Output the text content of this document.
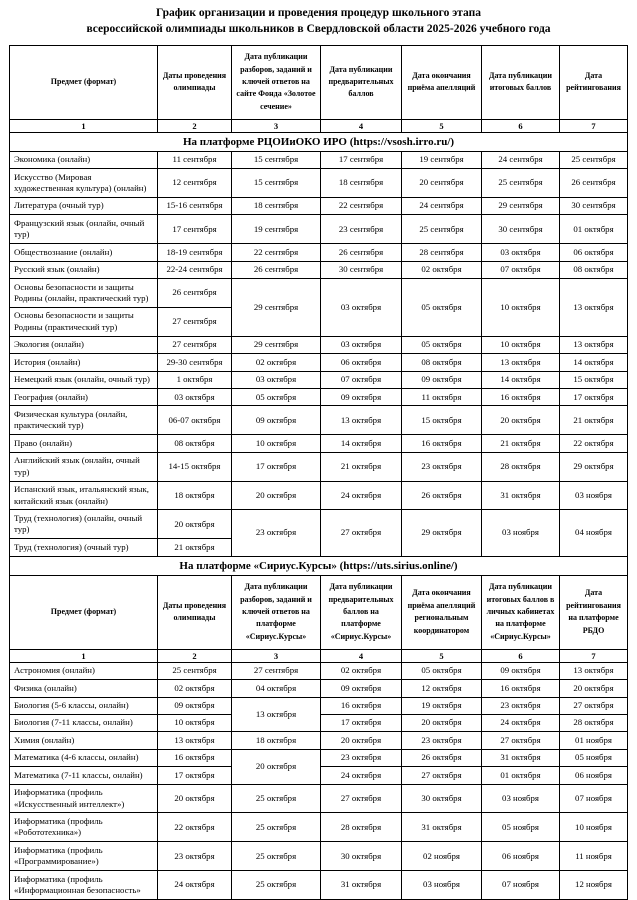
График организации и проведения процедур школьного этапа
всероссийской олимпиады школьников в Свердловской области 2025-2026 учебного года
Предмет (формат)	Даты проведения олимпиады	Дата публикации разборов, заданий и ключей ответов на сайте Фонда «Золотое сечение»	Дата публикации предварительных баллов	Дата окончания приёма апелляций	Дата публикации итоговых баллов	Дата рейтингования
1	2	3	4	5	6	7
На платформе РЦОИиОКО ИРО (https://vsosh.irro.ru/)						
Экономика (онлайн)	11 сентября	15 сентября	17 сентября	19 сентября	24 сентября	25 сентября
Искусство (Мировая художественная культура) (онлайн)	12 сентября	15 сентября	18 сентября	20 сентября	25 сентября	26 сентября
Литература (очный тур)	15-16 сентября	18 сентября	22 сентября	24 сентября	29 сентября	30 сентября
Французский язык (онлайн, очный тур)	17 сентября	19 сентября	23 сентября	25 сентября	30 сентября	01 октября
Обществознание (онлайн)	18-19 сентября	22 сентября	26 сентября	28 сентября	03 октября	06 октября
Русский язык (онлайн)	22-24 сентября	26 сентября	30 сентября	02 октября	07 октября	08 октября
Основы безопасности и защиты Родины (онлайн, практический тур)	26 сентября	29 сентября	03 октября	05 октября	10 октября	13 октября
Основы безопасности и защиты Родины (практический тур)	27 сентября					
Экология (онлайн)	27 сентября	29 сентября	03 октября	05 октября	10 октября	13 октября
История (онлайн)	29-30 сентября	02 октября	06 октября	08 октября	13 октября	14 октября
Немецкий язык (онлайн, очный тур)	1 октября	03 октября	07 октября	09 октября	14 октября	15 октября
География (онлайн)	03 октября	05 октября	09 октября	11 октября	16 октября	17 октября
Физическая культура (онлайн, практический тур)	06-07 октября	09 октября	13 октября	15 октября	20 октября	21 октября
Право (онлайн)	08 октября	10 октября	14 октября	16 октября	21 октября	22 октября
Английский язык (онлайн, очный тур)	14-15 октября	17 октября	21 октября	23 октября	28 октября	29 октября
Испанский язык, итальянский язык, китайский язык (онлайн)	18 октября	20 октября	24 октября	26 октября	31 октября	03 ноября
Труд (технология) (онлайн, очный тур)	20 октября	23 октября	27 октября	29 октября	03 ноября	04 ноября
Труд (технология) (очный тур)	21 октября					
На платформе «Сириус.Курсы» (https://uts.sirius.online/)						
Предмет (формат)	Даты проведения олимпиады	Дата публикации разборов, заданий и ключей ответов на платформе «Сириус.Курсы»	Дата публикации предварительных баллов на платформе «Сириус.Курсы»	Дата окончания приёма апелляций региональным координатором	Дата публикации итоговых баллов в личных кабинетах на платформе «Сириус.Курсы»	Дата рейтингования на платформе РБДО
1	2	3	4	5	6	7
Астрономия (онлайн)	25 сентября	27 сентября	02 октября	05 октября	09 октября	13 октября
Физика (онлайн)	02 октября	04 октября	09 октября	12 октября	16 октября	20 октября
Биология (5-6 классы, онлайн)	09 октября	13 октября	16 октября	19 октября	23 октября	27 октября
Биология (7-11 классы, онлайн)	10 октября		17 октября	20 октября	24 октября	28 октября
Химия (онлайн)	13 октября	18 октября	20 октября	23 октября	27 октября	01 ноября
Математика (4-6 классы, онлайн)	16 октября	20 октября	23 октября	26 октября	31 октября	05 ноября
Математика (7-11 классы, онлайн)	17 октября		24 октября	27 октября	01 октября	06 ноября
Информатика (профиль «Искусственный интеллект»)	20 октября	25 октября	27 октября	30 октября	03 ноября	07 ноября
Информатика (профиль «Робототехника»)	22 октября	25 октября	28 октября	31 октября	05 ноября	10 ноября
Информатика (профиль «Программирование»)	23 октября	25 октября	30 октября	02 ноября	06 ноября	11 ноября
Информатика (профиль «Информационная безопасность»	24 октября	25 октября	31 октября	03 ноября	07 ноября	12 ноября
